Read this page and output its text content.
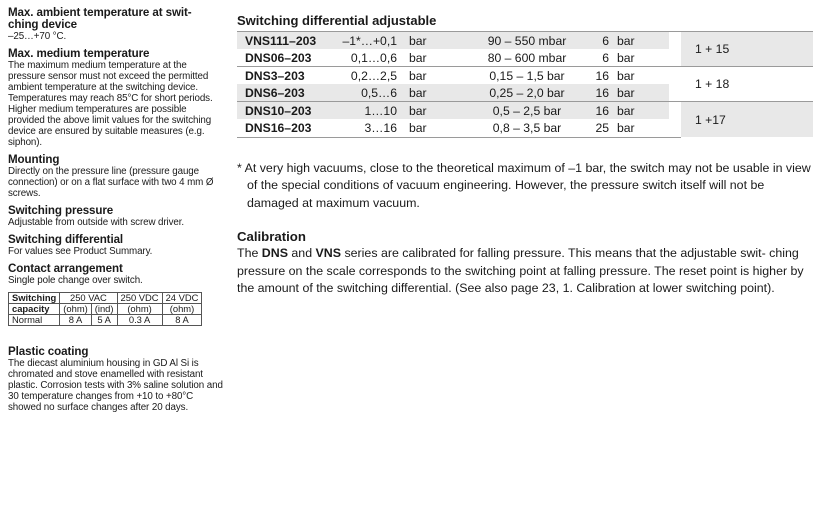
Max. ambient temperature at swit- ching device
–25…+70 °C.
Max. medium temperature
The maximum medium temperature at the pressure sensor must not exceed the permitted ambient temperature at the switching device. Temperatures may reach 85°C for short periods.
Higher medium temperatures are possible provided the above limit values for the switching device are ensured by suitable measures (e.g. siphon).
Mounting
Directly on the pressure line (pressure gauge connection) or on a flat surface with two 4 mm Ø screws.
Switching pressure
Adjustable from outside with screw driver.
Switching differential
For values see Product Summary.
Contact arrangement
Single pole change over switch.
Switching	250 VAC		250 VDC	24 VDC
capacity	(ohm)	(ind)	(ohm)	(ohm)
Normal	8 A	5 A	0.3 A	8 A
Plastic coating
The diecast aluminium housing in GD Al Si is chromated and stove enamelled with resistant plastic. Corrosion tests with 3% saline solution and 30 temperature changes from +10 to +80°C showed no surface changes after 20 days.
Switching differential adjustable
VNS111–203	–1*…+0,1	bar	90 – 550 mbar	6	bar		1 + 15
DNS06–203	0,1…0,6	bar	80 – 600 mbar	6	bar		
DNS3–203	0,2…2,5	bar	0,15 – 1,5 bar	16	bar		1 + 18
DNS6–203	0,5…6	bar	0,25 – 2,0 bar	16	bar		
DNS10–203	1…10	bar	0,5 – 2,5 bar	16	bar		1 +17
DNS16–203	3…16	bar	0,8 – 3,5 bar	25	bar		

* At very high vacuums, close to the theoretical maximum of –1 bar, the switch may not be usable in view of the special conditions of vacuum engineering. However, the pressure switch itself will not be damaged at maximum vacuum.

Calibration

The DNS and VNS series are calibrated for falling pressure. This means that the adjustable swit- ching pressure on the scale corresponds to the switching point at falling pressure. The reset point is higher by the amount of the switching differential. (See also page 23, 1. Calibration at lower switching point).
